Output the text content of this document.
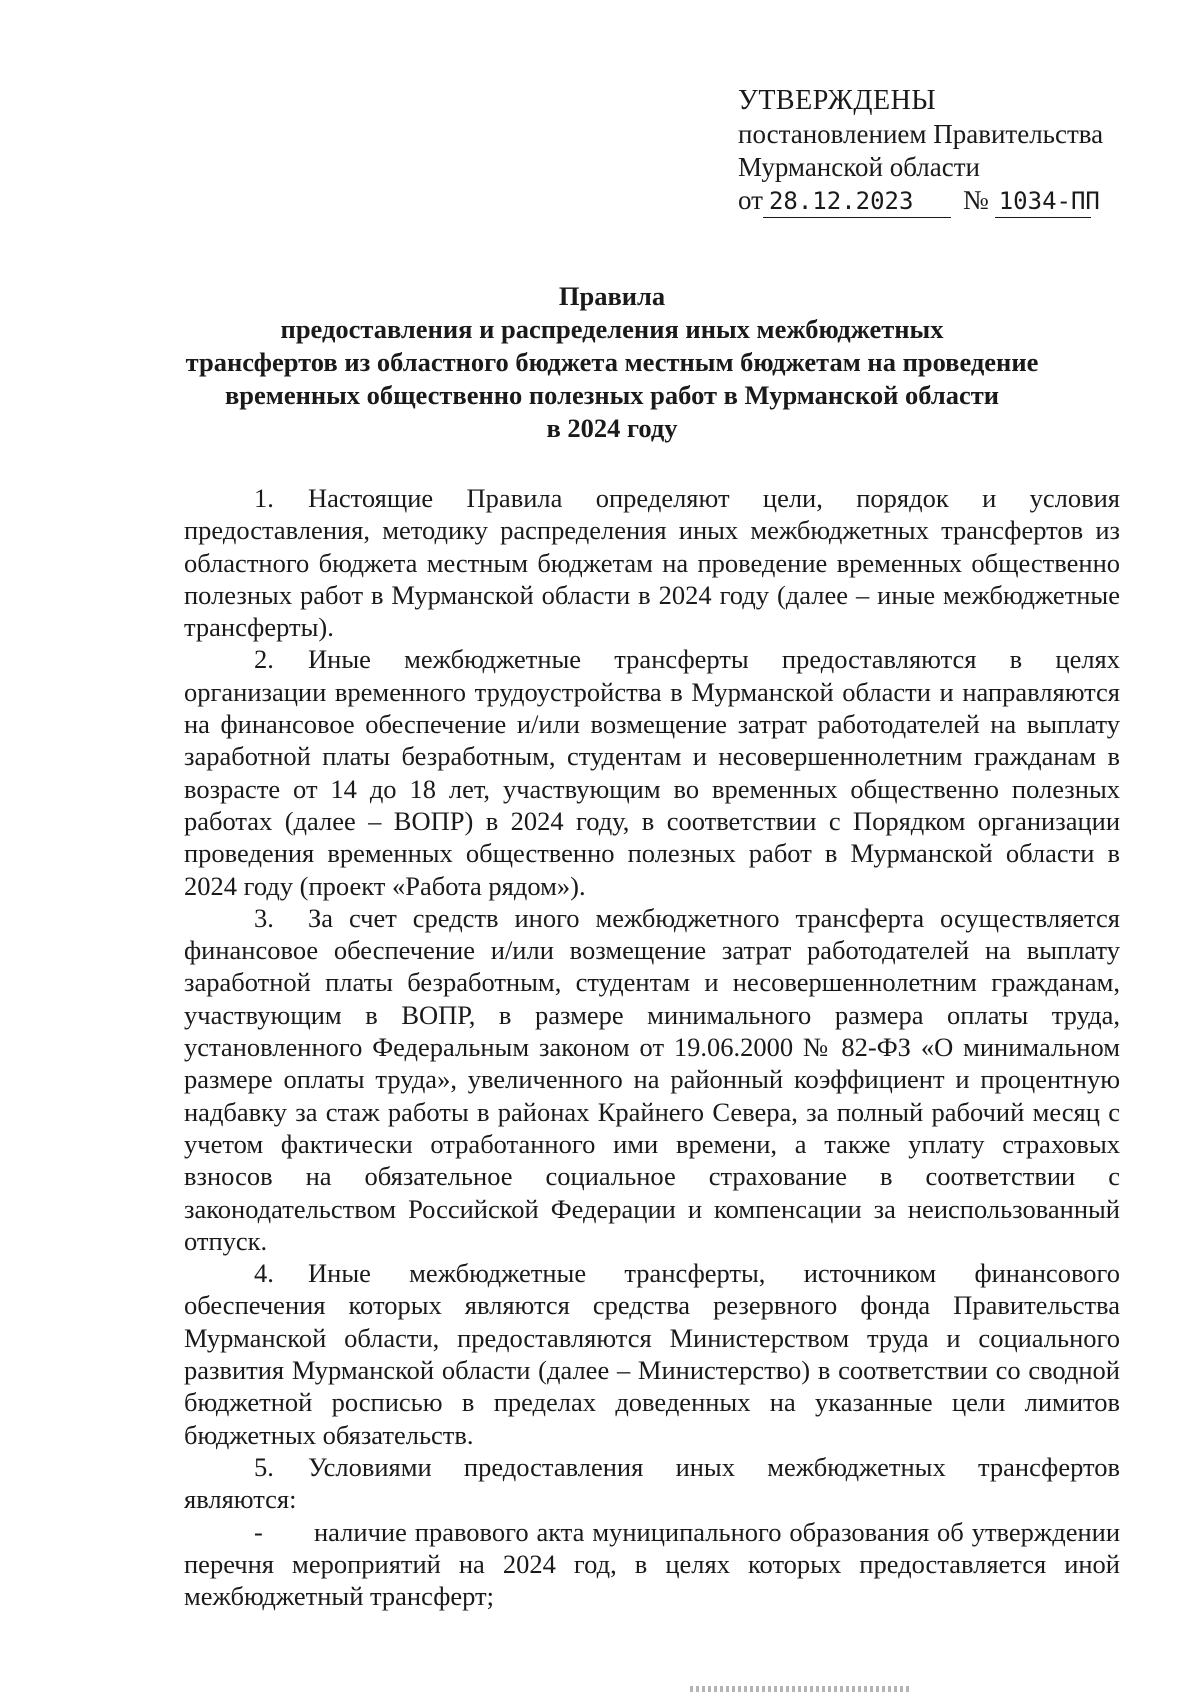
УТВЕРЖДЕНЫ
постановлением Правительства
Мурманской области
от 28.12.2023	№ 1034-ПП
Правила
предоставления и распределения иных межбюджетных
трансфертов из областного бюджета местным бюджетам на проведение
временных общественно полезных работ в Мурманской области
в 2024 году

1. Настоящие Правила определяют цели, порядок и условия предоставления, методику распределения иных межбюджетных трансфертов из областного бюджета местным бюджетам на проведение временных общественно полезных работ в Мурманской области в 2024 году (далее – иные межбюджетные трансферты).

2. Иные межбюджетные трансферты предоставляются в целях организации временного трудоустройства в Мурманской области и направляются на финансовое обеспечение и/или возмещение затрат работодателей на выплату заработной платы безработным, студентам и несовершеннолетним гражданам в возрасте от 14 до 18 лет, участвующим во временных общественно полезных работах (далее – ВОПР) в 2024 году, в соответствии с Порядком организации проведения временных общественно полезных работ в Мурманской области в 2024 году (проект «Работа рядом»).

3. За счет средств иного межбюджетного трансферта осуществляется финансовое обеспечение и/или возмещение затрат работодателей на выплату заработной платы безработным, студентам и несовершеннолетним гражданам, участвующим в ВОПР, в размере минимального размера оплаты труда, установленного Федеральным законом от 19.06.2000 № 82-ФЗ «О минимальном размере оплаты труда», увеличенного на районный коэффициент и процентную надбавку за стаж работы в районах Крайнего Севера, за полный рабочий месяц с учетом фактически отработанного ими времени, а также уплату страховых взносов на обязательное социальное страхование в соответствии с законодательством Российской Федерации и компенсации за неиспользованный отпуск.

4. Иные межбюджетные трансферты, источником финансового обеспечения которых являются средства резервного фонда Правительства Мурманской области, предоставляются Министерством труда и социального развития Мурманской области (далее – Министерство) в соответствии со сводной бюджетной росписью в пределах доведенных на указанные цели лимитов бюджетных обязательств.

5. Условиями предоставления иных межбюджетных трансфертов являются:

- наличие правового акта муниципального образования об утверждении перечня мероприятий на 2024 год, в целях которых предоставляется иной межбюджетный трансферт;
